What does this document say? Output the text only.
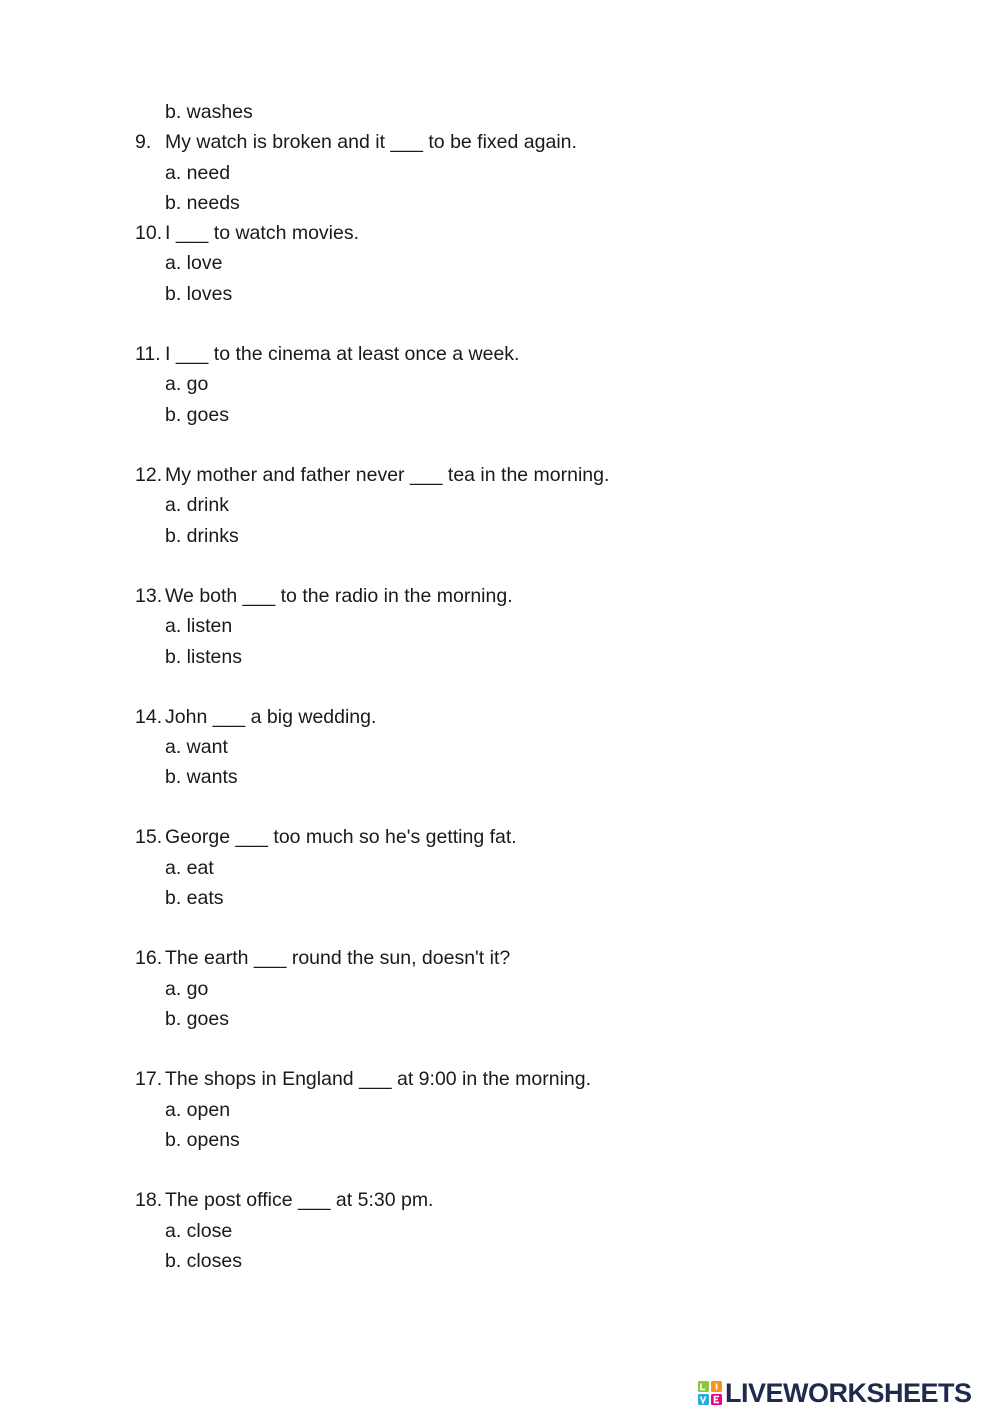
b. washes
9. My watch is broken and it ___ to be fixed again.
a. need
b. needs
10. I ___ to watch movies.
a. love
b. loves
11. I ___ to the cinema at least once a week.
a. go
b. goes
12. My mother and father never ___ tea in the morning.
a. drink
b. drinks
13. We both ___ to the radio in the morning.
a. listen
b. listens
14. John ___ a big wedding.
a. want
b. wants
15. George ___ too much so he's getting fat.
a. eat
b. eats
16. The earth ___ round the sun, doesn't it?
a. go
b. goes
17. The shops in England ___ at 9:00 in the morning.
a. open
b. opens
18. The post office ___ at 5:30 pm.
a. close
b. closes
LIVEWORKSHEETS
